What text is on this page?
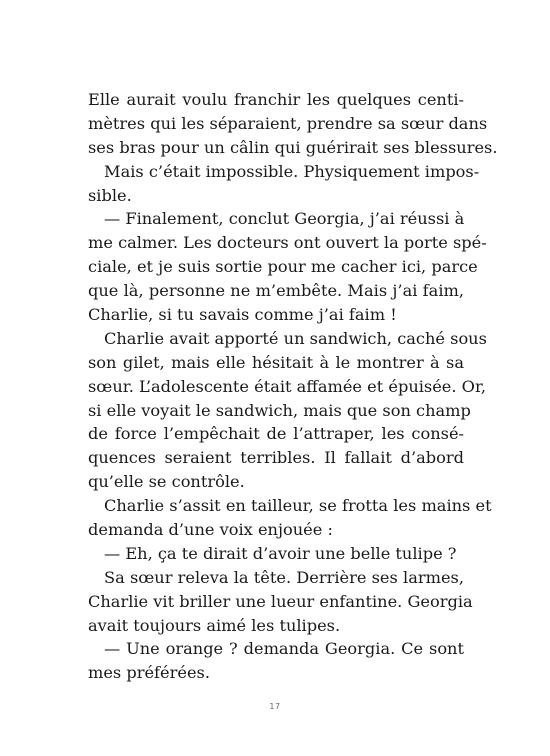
Elle aurait voulu franchir les quelques centi-
mètres qui les séparaient, prendre sa sœur dans
ses bras pour un câlin qui guérirait ses blessures.
Mais c’était impossible. Physiquement impos-
sible.
— Finalement, conclut Georgia, j’ai réussi à
me calmer. Les docteurs ont ouvert la porte spé-
ciale, et je suis sortie pour me cacher ici, parce
que là, personne ne m’embête. Mais j’ai faim,
Charlie, si tu savais comme j’ai faim !
Charlie avait apporté un sandwich, caché sous
son gilet, mais elle hésitait à le montrer à sa
sœur. L’adolescente était affamée et épuisée. Or,
si elle voyait le sandwich, mais que son champ
de force l’empêchait de l’attraper, les consé-
quences seraient terribles. Il fallait d’abord
qu’elle se contrôle.
Charlie s’assit en tailleur, se frotta les mains et
demanda d’une voix enjouée :
— Eh, ça te dirait d’avoir une belle tulipe ?
Sa sœur releva la tête. Derrière ses larmes,
Charlie vit briller une lueur enfantine. Georgia
avait toujours aimé les tulipes.
— Une orange ? demanda Georgia. Ce sont
mes préférées.
17
